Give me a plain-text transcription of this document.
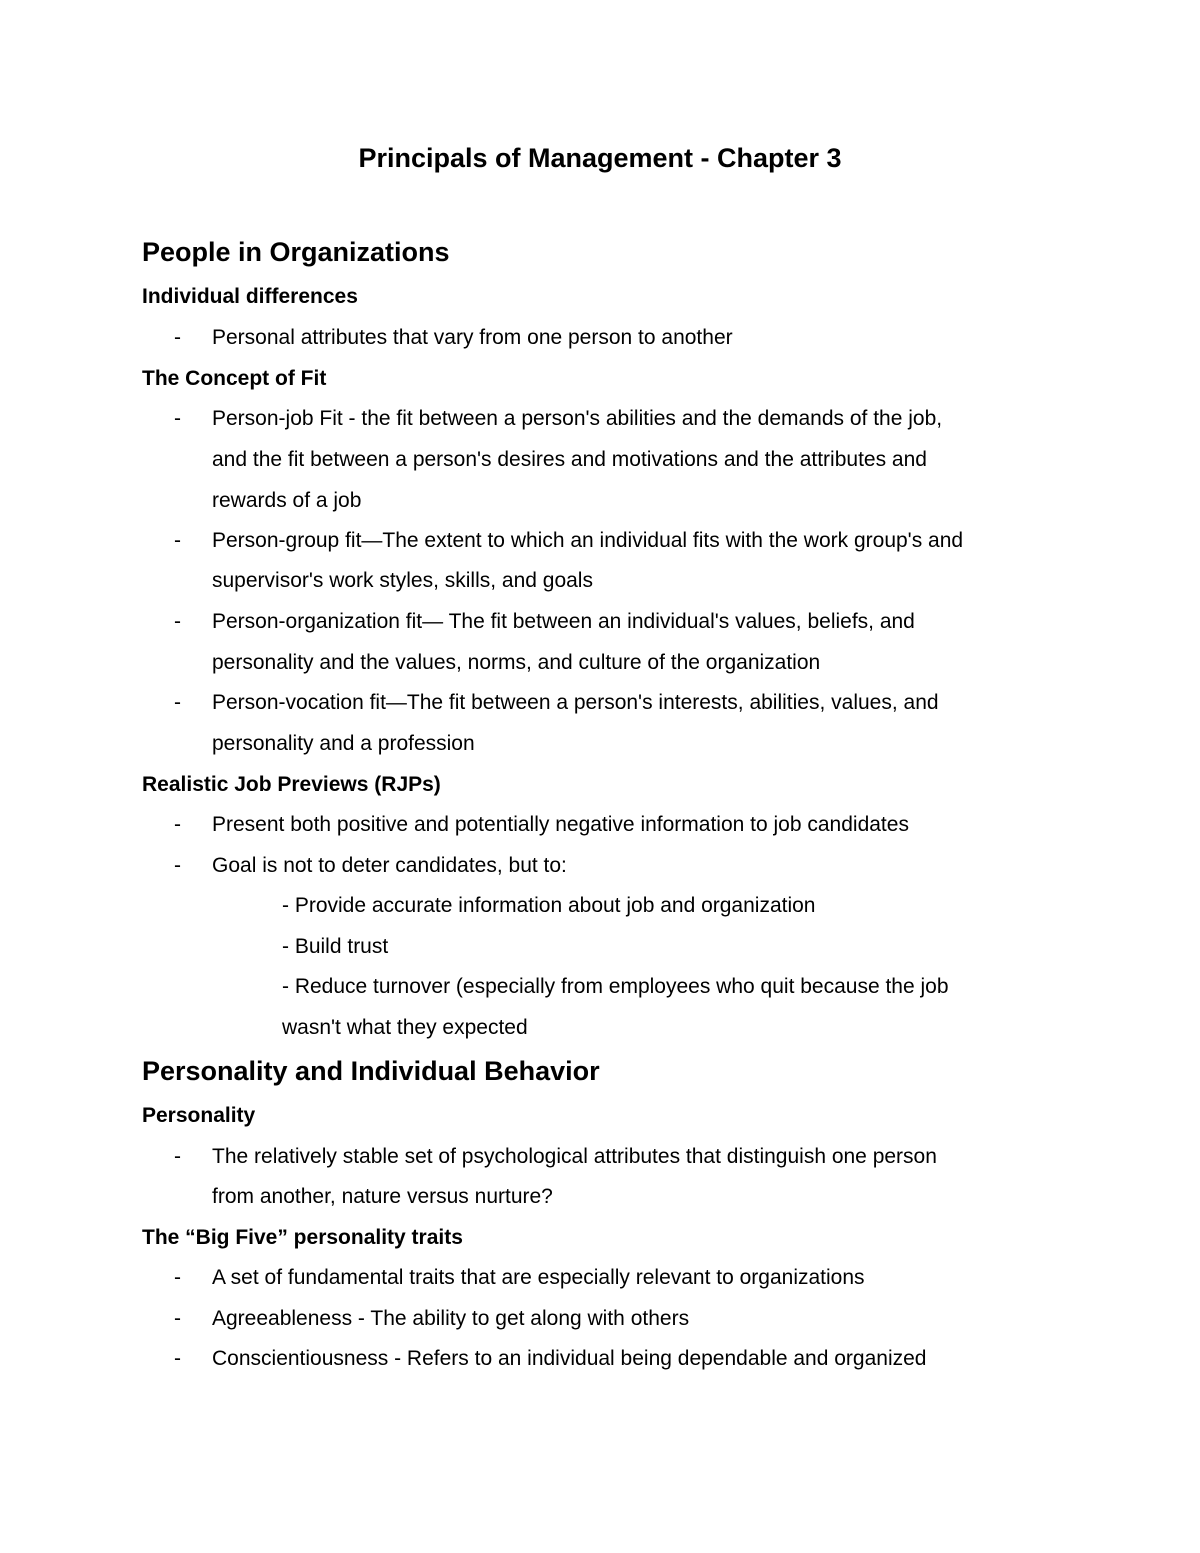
Principals of Management - Chapter 3
People in Organizations
Individual differences
- Personal attributes that vary from one person to another
The Concept of Fit
- Person-job Fit - the fit between a person's abilities and the demands of the job,
and the fit between a person's desires and motivations and the attributes and
rewards of a job
- Person-group fit—The extent to which an individual fits with the work group's and
supervisor's work styles, skills, and goals
- Person-organization fit— The fit between an individual's values, beliefs, and
personality and the values, norms, and culture of the organization
- Person-vocation fit—The fit between a person's interests, abilities, values, and
personality and a profession
Realistic Job Previews (RJPs)
- Present both positive and potentially negative information to job candidates
- Goal is not to deter candidates, but to:
- Provide accurate information about job and organization
- Build trust
- Reduce turnover (especially from employees who quit because the job
wasn't what they expected
Personality and Individual Behavior
Personality
- The relatively stable set of psychological attributes that distinguish one person
from another, nature versus nurture?
The “Big Five” personality traits
- A set of fundamental traits that are especially relevant to organizations
- Agreeableness - The ability to get along with others
- Conscientiousness - Refers to an individual being dependable and organized
